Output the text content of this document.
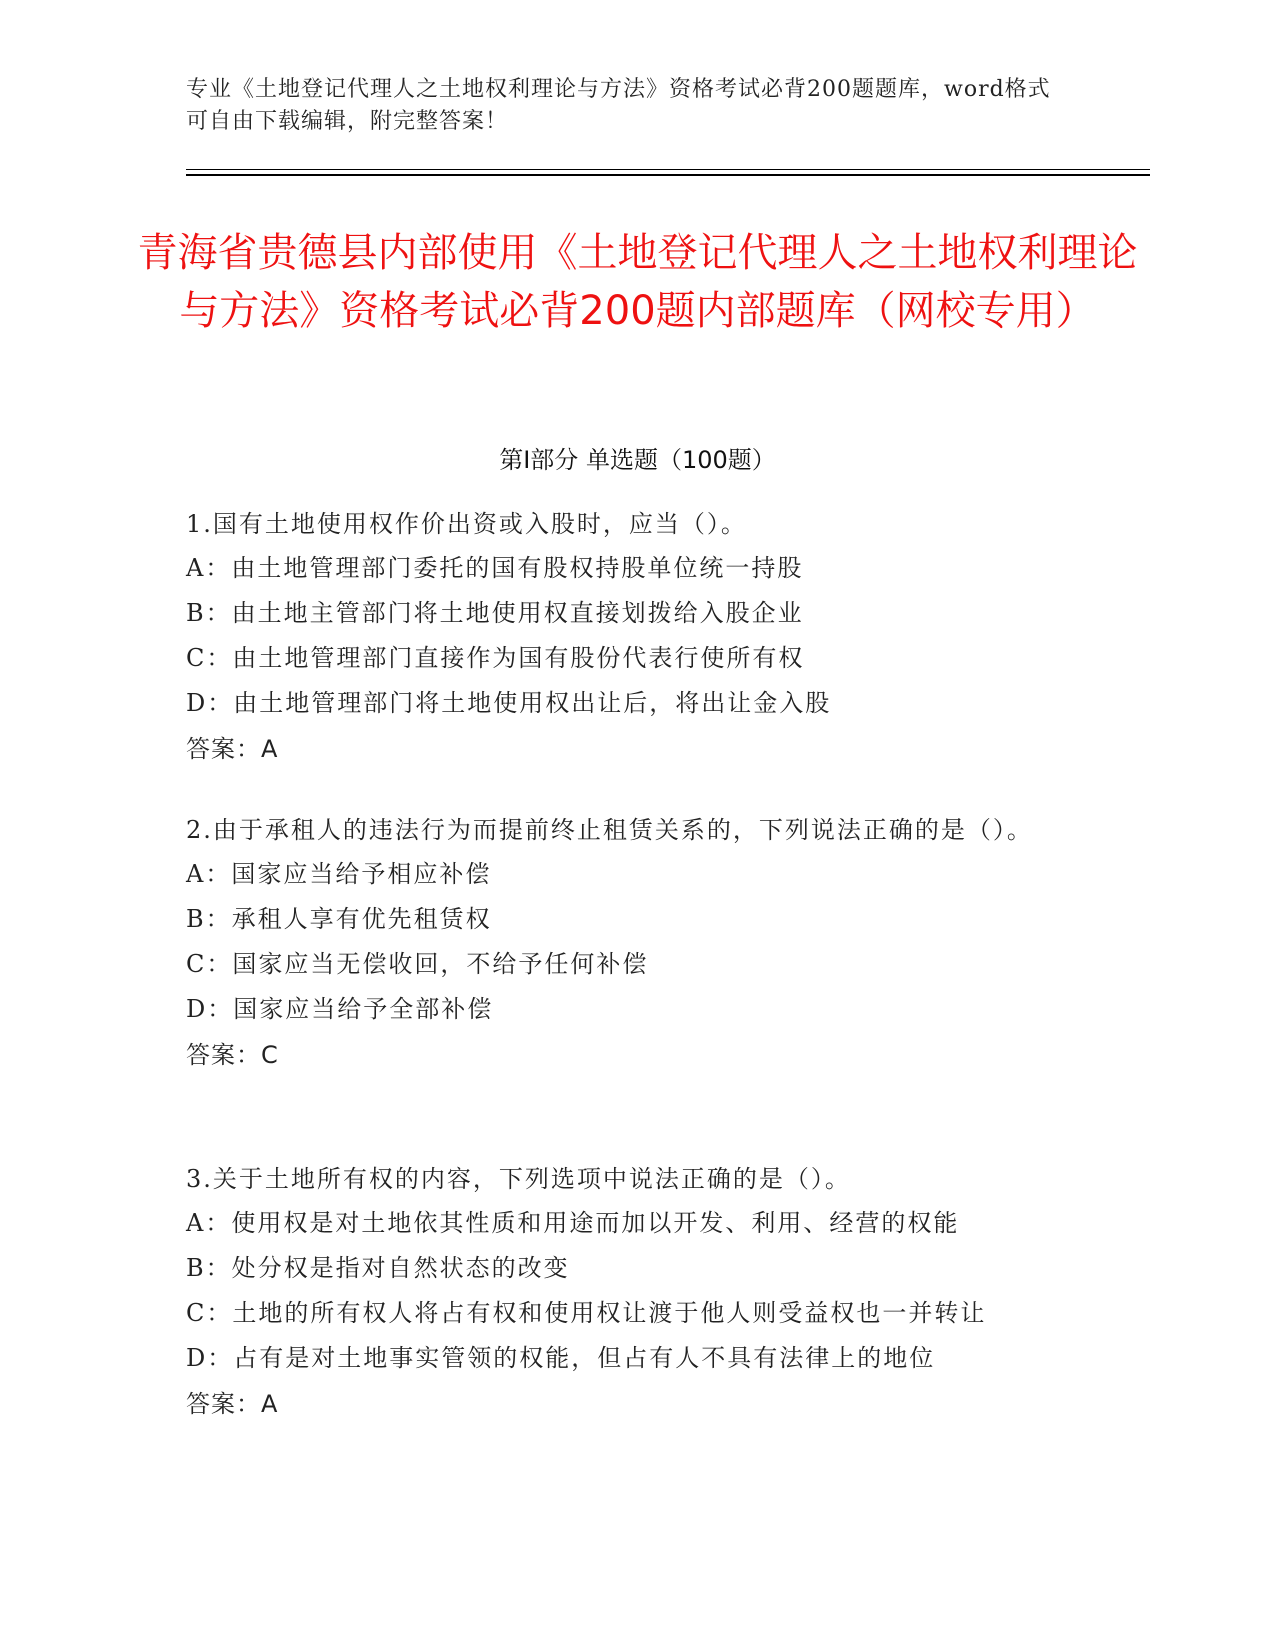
专业《土地登记代理人之土地权利理论与方法》资格考试必背200题题库，word格式可自由下载编辑，附完整答案！
青海省贵德县内部使用《土地登记代理人之土地权利理论与方法》资格考试必背200题内部题库（网校专用）
第I部分 单选题（100题）

1.国有土地使用权作价出资或入股时，应当（）。

A：由土地管理部门委托的国有股权持股单位统一持股

B：由土地主管部门将土地使用权直接划拨给入股企业

C：由土地管理部门直接作为国有股份代表行使所有权

D：由土地管理部门将土地使用权出让后，将出让金入股

答案：A

2.由于承租人的违法行为而提前终止租赁关系的，下列说法正确的是（）。

A：国家应当给予相应补偿

B：承租人享有优先租赁权

C：国家应当无偿收回，不给予任何补偿

D：国家应当给予全部补偿

答案：C

3.关于土地所有权的内容，下列选项中说法正确的是（）。

A：使用权是对土地依其性质和用途而加以开发、利用、经营的权能

B：处分权是指对自然状态的改变

C：土地的所有权人将占有权和使用权让渡于他人则受益权也一并转让

D：占有是对土地事实管领的权能，但占有人不具有法律上的地位

答案：A
